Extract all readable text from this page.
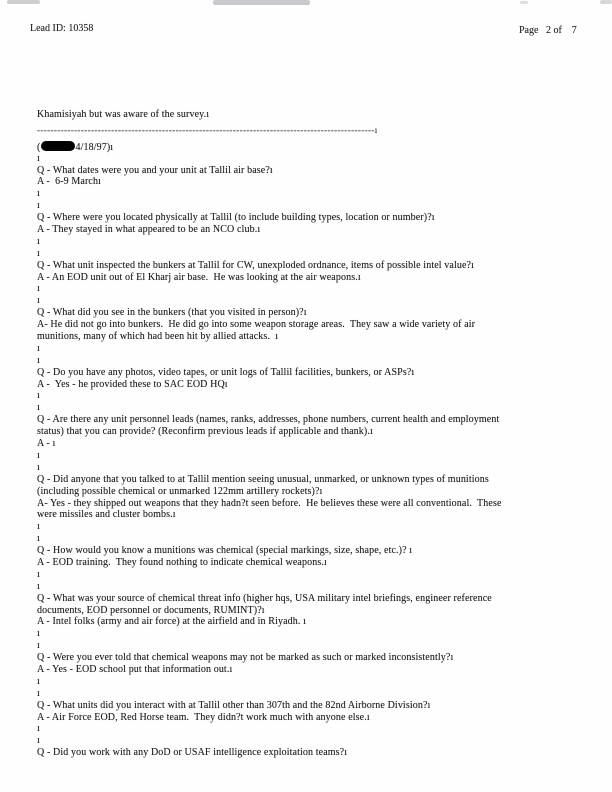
Lead ID: 10358	Page   2 of    7
Khamisiyah but was aware of the survey.ı
----------------------------------------------------------------------------------------------------ı
(	4/18/97)ı
ı
Q - What dates were you and your unit at Tallil air base?ı
A -  6-9 Marchı
ı
ı
Q - Where were you located physically at Tallil (to include building types, location or number)?ı
A - They stayed in what appeared to be an NCO club.ı
ı
ı
Q - What unit inspected the bunkers at Tallil for CW, unexploded ordnance, items of possible intel value?ı
A - An EOD unit out of El Kharj air base.  He was looking at the air weapons.ı
ı
ı
Q - What did you see in the bunkers (that you visited in person)?ı
A- He did not go into bunkers.  He did go into some weapon storage areas.  They saw a wide variety of air
munitions, many of which had been hit by allied attacks.  ı
ı
ı
Q - Do you have any photos, video tapes, or unit logs of Tallil facilities, bunkers, or ASPs?ı
A -  Yes - he provided these to SAC EOD HQı
ı
ı
Q - Are there any unit personnel leads (names, ranks, addresses, phone numbers, current health and employment
status) that you can provide? (Reconfirm previous leads if applicable and thank).ı
A - ı
ı
ı
Q - Did anyone that you talked to at Tallil mention seeing unusual, unmarked, or unknown types of munitions
(including possible chemical or unmarked 122mm artillery rockets)?ı
A- Yes - they shipped out weapons that they hadn?t seen before.  He believes these were all conventional.  These
were missiles and cluster bombs.ı
ı
ı
Q - How would you know a munitions was chemical (special markings, size, shape, etc.)? ı
A - EOD training.  They found nothing to indicate chemical weapons.ı
ı
ı
Q - What was your source of chemical threat info (higher hqs, USA military intel briefings, engineer reference
documents, EOD personnel or documents, RUMINT)?ı
A - Intel folks (army and air force) at the airfield and in Riyadh. ı
ı
ı
Q - Were you ever told that chemical weapons may not be marked as such or marked inconsistently?ı
A - Yes - EOD school put that information out.ı
ı
ı
Q - What units did you interact with at Tallil other than 307th and the 82nd Airborne Division?ı
A - Air Force EOD, Red Horse team.  They didn?t work much with anyone else.ı
ı
ı
Q - Did you work with any DoD or USAF intelligence exploitation teams?ı
